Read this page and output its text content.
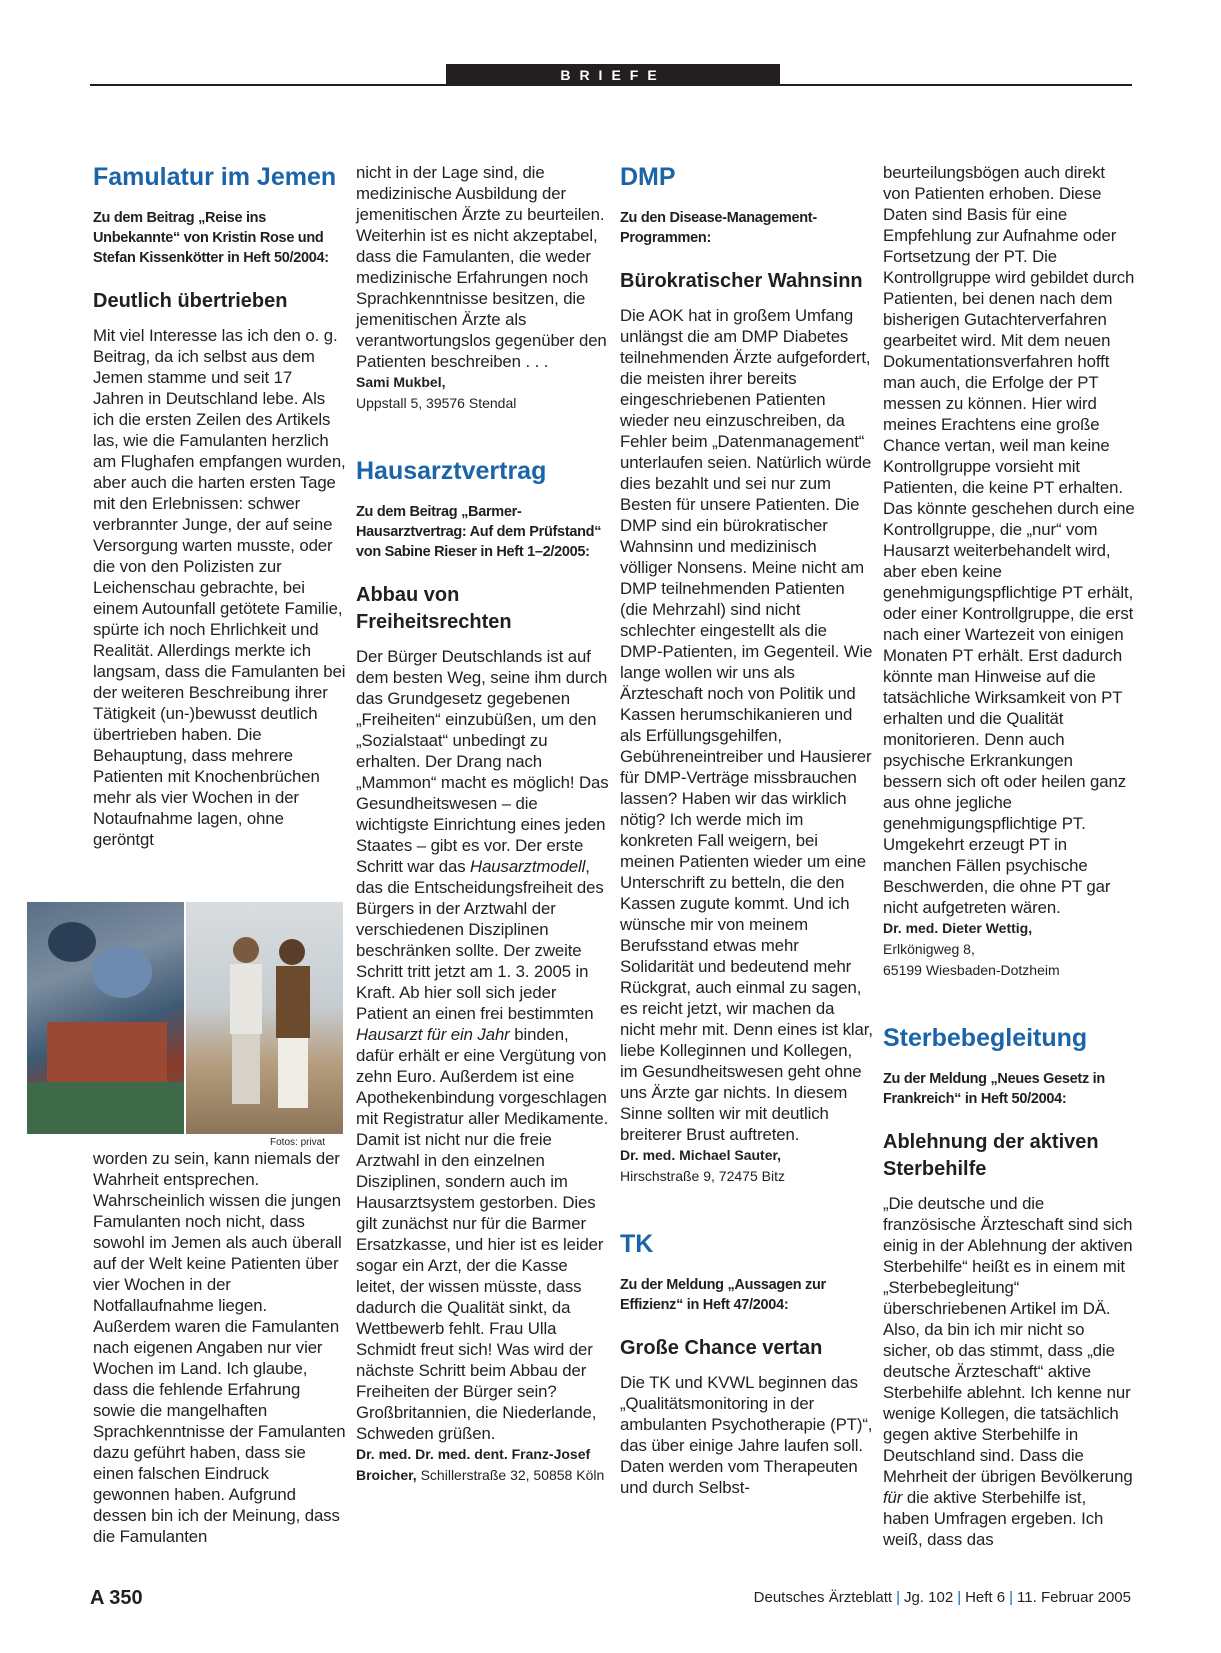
BRIEFE
Famulatur im Jemen

Zu dem Beitrag „Reise ins Unbekannte“ von Kristin Rose und Stefan Kissenkötter in Heft 50/2004:

Deutlich übertrieben

Mit viel Interesse las ich den o. g. Beitrag, da ich selbst aus dem Jemen stamme und seit 17 Jahren in Deutschland lebe. Als ich die ersten Zeilen des Artikels las, wie die Famulanten herzlich am Flughafen empfangen wurden, aber auch die harten ersten Tage mit den Erlebnissen: schwer verbrannter Junge, der auf seine Versorgung warten musste, oder die von den Polizisten zur Leichenschau gebrachte, bei einem Autounfall getötete Familie, spürte ich noch Ehrlichkeit und Realität. Allerdings merkte ich langsam, dass die Famulanten bei der weiteren Beschreibung ihrer Tätigkeit (un-)bewusst deutlich übertrieben haben. Die Behauptung, dass mehrere Patienten mit Knochenbrüchen mehr als vier Wochen in der Notaufnahme lagen, ohne geröntgt

Fotos: privat

worden zu sein, kann niemals der Wahrheit entsprechen. Wahrscheinlich wissen die jungen Famulanten noch nicht, dass sowohl im Jemen als auch überall auf der Welt keine Patienten über vier Wochen in der Notfallaufnahme liegen. Außerdem waren die Famulanten nach eigenen Angaben nur vier Wochen im Land. Ich glaube, dass die fehlende Erfahrung sowie die mangelhaften Sprachkenntnisse der Famulanten dazu geführt haben, dass sie einen falschen Eindruck gewonnen haben. Aufgrund dessen bin ich der Meinung, dass die Famulanten

nicht in der Lage sind, die medizinische Ausbildung der jemenitischen Ärzte zu beurteilen. Weiterhin ist es nicht akzeptabel, dass die Famulanten, die weder medizinische Erfahrungen noch Sprachkenntnisse besitzen, die jemenitischen Ärzte als verantwortungslos gegenüber den Patienten beschreiben . . .

Sami Mukbel,

Uppstall 5, 39576 Stendal

Hausarztvertrag

Zu dem Beitrag „Barmer-Hausarztvertrag: Auf dem Prüfstand“ von Sabine Rieser in Heft 1–2/2005:

Abbau von Freiheitsrechten

Der Bürger Deutschlands ist auf dem besten Weg, seine ihm durch das Grundgesetz gegebenen „Freiheiten“ einzubüßen, um den „Sozialstaat“ unbedingt zu erhalten. Der Drang nach „Mammon“ macht es möglich! Das Gesundheitswesen – die wichtigste Einrichtung eines jeden Staates – gibt es vor. Der erste Schritt war das Hausarztmodell, das die Entscheidungsfreiheit des Bürgers in der Arztwahl der verschiedenen Disziplinen beschränken sollte. Der zweite Schritt tritt jetzt am 1. 3. 2005 in Kraft. Ab hier soll sich jeder Patient an einen frei bestimmten Hausarzt für ein Jahr binden, dafür erhält er eine Vergütung von zehn Euro. Außerdem ist eine Apothekenbindung vorgeschlagen mit Registratur aller Medikamente. Damit ist nicht nur die freie Arztwahl in den einzelnen Disziplinen, sondern auch im Hausarztsystem gestorben. Dies gilt zunächst nur für die Barmer Ersatzkasse, und hier ist es leider sogar ein Arzt, der die Kasse leitet, der wissen müsste, dass dadurch die Qualität sinkt, da Wettbewerb fehlt. Frau Ulla Schmidt freut sich! Was wird der nächste Schritt beim Abbau der Freiheiten der Bürger sein? Großbritannien, die Niederlande, Schweden grüßen.

Dr. med. Dr. med. dent. Franz-Josef Broicher, Schillerstraße 32, 50858 Köln

DMP

Zu den Disease-Management-Programmen:

Bürokratischer Wahnsinn

Die AOK hat in großem Umfang unlängst die am DMP Diabetes teilnehmenden Ärzte aufgefordert, die meisten ihrer bereits eingeschriebenen Patienten wieder neu einzuschreiben, da Fehler beim „Datenmanagement“ unterlaufen seien. Natürlich würde dies bezahlt und sei nur zum Besten für unsere Patienten. Die DMP sind ein bürokratischer Wahnsinn und medizinisch völliger Nonsens. Meine nicht am DMP teilnehmenden Patienten (die Mehrzahl) sind nicht schlechter eingestellt als die DMP-Patienten, im Gegenteil. Wie lange wollen wir uns als Ärzteschaft noch von Politik und Kassen herumschikanieren und als Erfüllungsgehilfen, Gebühreneintreiber und Hausierer für DMP-Verträge missbrauchen lassen? Haben wir das wirklich nötig? Ich werde mich im konkreten Fall weigern, bei meinen Patienten wieder um eine Unterschrift zu betteln, die den Kassen zugute kommt. Und ich wünsche mir von meinem Berufsstand etwas mehr Solidarität und bedeutend mehr Rückgrat, auch einmal zu sagen, es reicht jetzt, wir machen da nicht mehr mit. Denn eines ist klar, liebe Kolleginnen und Kollegen, im Gesundheitswesen geht ohne uns Ärzte gar nichts. In diesem Sinne sollten wir mit deutlich breiterer Brust auftreten.

Dr. med. Michael Sauter,

Hirschstraße 9, 72475 Bitz

TK

Zu der Meldung „Aussagen zur Effizienz“ in Heft 47/2004:

Große Chance vertan

Die TK und KVWL beginnen das „Qualitätsmonitoring in der ambulanten Psychotherapie (PT)“, das über einige Jahre laufen soll. Daten werden vom Therapeuten und durch Selbst-

beurteilungsbögen auch direkt von Patienten erhoben. Diese Daten sind Basis für eine Empfehlung zur Aufnahme oder Fortsetzung der PT. Die Kontrollgruppe wird gebildet durch Patienten, bei denen nach dem bisherigen Gutachterverfahren gearbeitet wird. Mit dem neuen Dokumentationsverfahren hofft man auch, die Erfolge der PT messen zu können. Hier wird meines Erachtens eine große Chance vertan, weil man keine Kontrollgruppe vorsieht mit Patienten, die keine PT erhalten. Das könnte geschehen durch eine Kontrollgruppe, die „nur“ vom Hausarzt weiterbehandelt wird, aber eben keine genehmigungspflichtige PT erhält, oder einer Kontrollgruppe, die erst nach einer Wartezeit von einigen Monaten PT erhält. Erst dadurch könnte man Hinweise auf die tatsächliche Wirksamkeit von PT erhalten und die Qualität monitorieren. Denn auch psychische Erkrankungen bessern sich oft oder heilen ganz aus ohne jegliche genehmigungspflichtige PT. Umgekehrt erzeugt PT in manchen Fällen psychische Beschwerden, die ohne PT gar nicht aufgetreten wären.

Dr. med. Dieter Wettig,

Erlkönigweg 8,

65199 Wiesbaden-Dotzheim

Sterbebegleitung

Zu der Meldung „Neues Gesetz in Frankreich“ in Heft 50/2004:

Ablehnung der aktiven Sterbehilfe

„Die deutsche und die französische Ärzteschaft sind sich einig in der Ablehnung der aktiven Sterbehilfe“ heißt es in einem mit „Sterbebegleitung“ überschriebenen Artikel im DÄ. Also, da bin ich mir nicht so sicher, ob das stimmt, dass „die deutsche Ärzteschaft“ aktive Sterbehilfe ablehnt. Ich kenne nur wenige Kollegen, die tatsächlich gegen aktive Sterbehilfe in Deutschland sind. Dass die Mehrheit der übrigen Bevölkerung für die aktive Sterbehilfe ist, haben Umfragen ergeben. Ich weiß, dass das

A 350	Deutsches Ärzteblatt | Jg. 102 | Heft 6 | 11. Februar 2005
